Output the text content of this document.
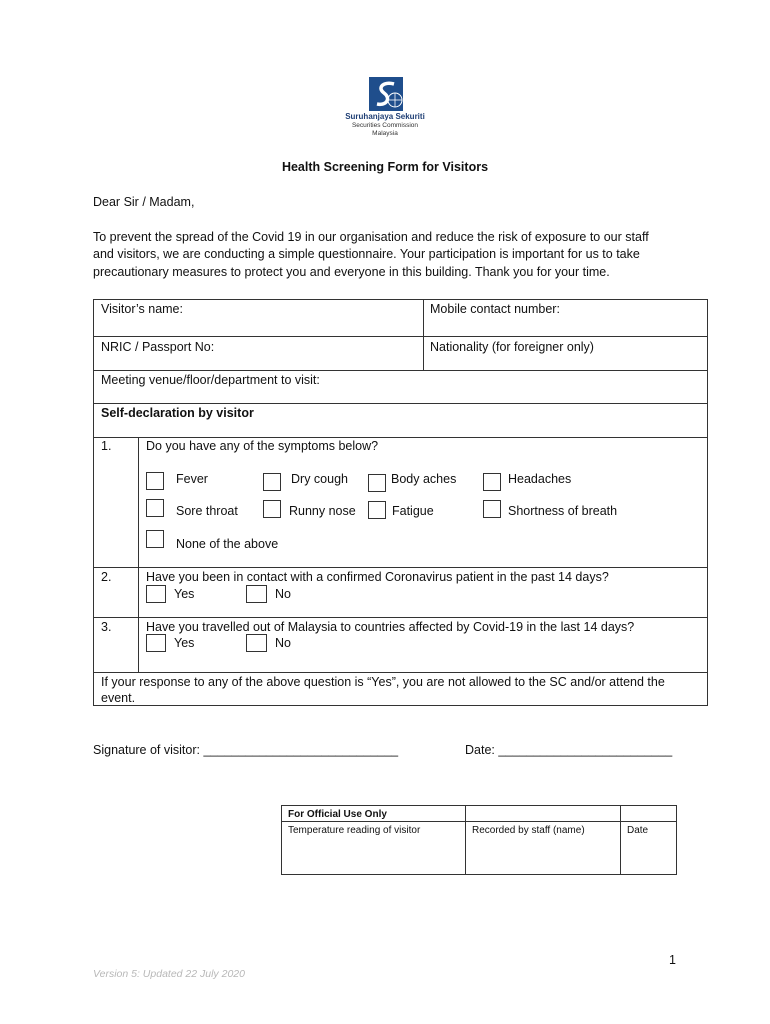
Suruhanjaya Sekuriti
Securities Commission
Malaysia
Health Screening Form for Visitors
Dear Sir / Madam,
To prevent the spread of the Covid 19 in our organisation and reduce the risk of exposure to our staff
and visitors, we are conducting a simple questionnaire. Your participation is important for us to take
precautionary measures to protect you and everyone in this building. Thank you for your time.
Visitor’s name:	Mobile contact number:
NRIC / Passport No:	Nationality (for foreigner only)
Meeting venue/floor/department to visit:
Self-declaration by visitor
1.	Do you have any of the symptoms below?
Fever	Dry cough	Body aches	Headaches
Sore throat	Runny nose	Fatigue	Shortness of breath
None of the above
2.	Have you been in contact with a confirmed Coronavirus patient in the past 14 days?
Yes	No
3.	Have you travelled out of Malaysia to countries affected by Covid-19 in the last 14 days?
Yes	No
If your response to any of the above question is “Yes”, you are not allowed to the SC and/or attend the
event.
Signature of visitor: ____________________________	Date: _________________________
For Official Use Only
Temperature reading of visitor	Recorded by staff (name)	Date
1
Version 5: Updated 22 July 2020
